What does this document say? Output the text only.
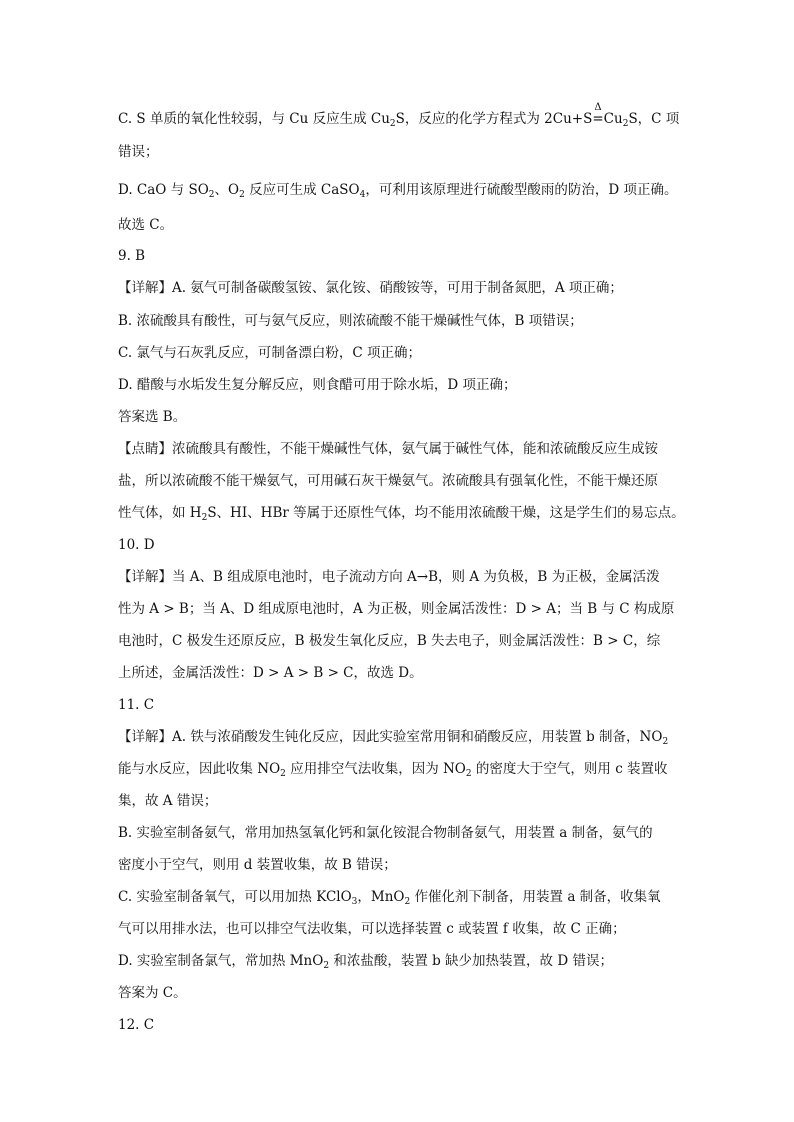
C. S 单质的氧化性较弱，与 Cu 反应生成 $Cu_2S$，反应的化学方程式为 2Cu+S
Δ
$=Cu_2S$，C 项
错误；
D. CaO 与 $SO_2$、$O_2$ 反应可生成 CaSO$_4$，可利用该原理进行硫酸型酸雨的防治，D 项正确。
故选 C。
9. B
【详解】A. 氨气可制备碳酸氢铵、氯化铵、硝酸铵等，可用于制备氮肥，A 项正确；
B. 浓硫酸具有酸性，可与氨气反应，则浓硫酸不能干燥碱性气体，B 项错误；
C. 氯气与石灰乳反应，可制备漂白粉，C 项正确；
D. 醋酸与水垢发生复分解反应，则食醋可用于除水垢，D 项正确；
答案选 B。
【点睛】浓硫酸具有酸性，不能干燥碱性气体，氨气属于碱性气体，能和浓硫酸反应生成铵
盐，所以浓硫酸不能干燥氨气，可用碱石灰干燥氨气。浓硫酸具有强氧化性，不能干燥还原
性气体，如 $H_2S$、HI、HBr 等属于还原性气体，均不能用浓硫酸干燥，这是学生们的易忘点。
10. D
【详解】当 A、B 组成原电池时，电子流动方向 A→B，则 A 为负极，B 为正极，金属活泼
性为 A > B；当 A、D 组成原电池时，A 为正极，则金属活泼性：D > A；当 B 与 C 构成原
电池时，C 极发生还原反应，B 极发生氧化反应，B 失去电子，则金属活泼性：B > C，综
上所述，金属活泼性：D > A > B > C，故选 D。
11. C
【详解】A. 铁与浓硝酸发生钝化反应，因此实验室常用铜和硝酸反应，用装置 b 制备，$NO_2$
能与水反应，因此收集 $NO_2$ 应用排空气法收集，因为 $NO_2$ 的密度大于空气，则用 c 装置收
集，故 A 错误；
B. 实验室制备氨气，常用加热氢氧化钙和氯化铵混合物制备氨气，用装置 a 制备，氨气的
密度小于空气，则用 d 装置收集，故 B 错误；
C. 实验室制备氧气，可以用加热 KClO$_3$，MnO$_2$ 作催化剂下制备，用装置 a 制备，收集氧
气可以用排水法，也可以排空气法收集，可以选择装置 c 或装置 f 收集，故 C 正确；
D. 实验室制备氯气，常加热 MnO$_2$ 和浓盐酸，装置 b 缺少加热装置，故 D 错误；
答案为 C。
12. C
